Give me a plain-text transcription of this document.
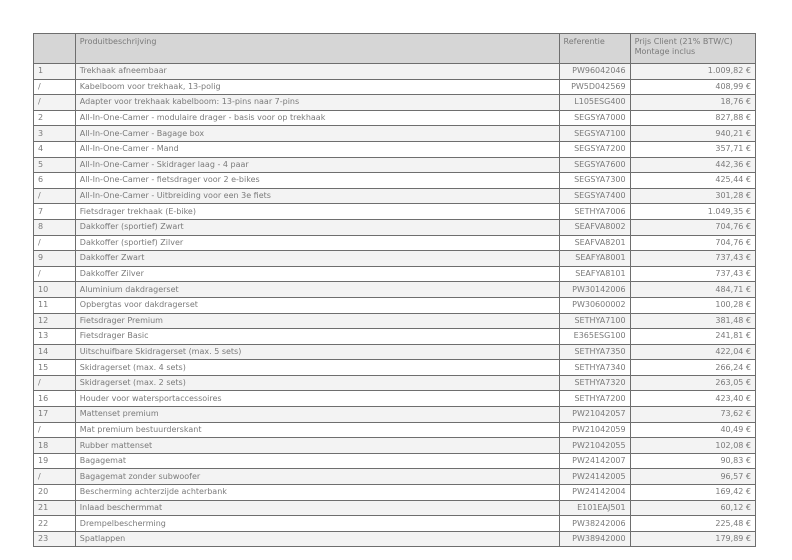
	Produitbeschrijving	Referentie	Prijs Client (21% BTW/C)
Montage inclus

1	Trekhaak afneembaar	PW96042046	1.009,82 €
/	Kabelboom voor trekhaak, 13-polig	PW5D042569	408,99 €
/	Adapter voor trekhaak kabelboom: 13-pins naar 7-pins	L105ESG400	18,76 €
2	All-In-One-Camer - modulaire drager - basis voor op trekhaak	SEGSYA7000	827,88 €
3	All-In-One-Camer - Bagage box	SEGSYA7100	940,21 €
4	All-In-One-Camer - Mand	SEGSYA7200	357,71 €
5	All-In-One-Camer - Skidrager laag - 4 paar	SEGSYA7600	442,36 €
6	All-In-One-Camer - fietsdrager voor 2 e-bikes	SEGSYA7300	425,44 €
/	All-In-One-Camer - Uitbreiding voor een 3e fiets	SEGSYA7400	301,28 €
7	Fietsdrager trekhaak (E-bike)	SETHYA7006	1.049,35 €
8	Dakkoffer (sportief) Zwart	SEAFVA8002	704,76 €
/	Dakkoffer (sportief) Zilver	SEAFVA8201	704,76 €
9	Dakkoffer Zwart	SEAFYA8001	737,43 €
/	Dakkoffer Zilver	SEAFYA8101	737,43 €
10	Aluminium dakdragerset	PW30142006	484,71 €
11	Opbergtas voor dakdragerset	PW30600002	100,28 €
12	Fietsdrager Premium	SETHYA7100	381,48 €
13	Fietsdrager Basic	E365ESG100	241,81 €
14	Uitschuifbare Skidragerset (max. 5 sets)	SETHYA7350	422,04 €
15	Skidragerset (max. 4 sets)	SETHYA7340	266,24 €
/	Skidragerset (max. 2 sets)	SETHYA7320	263,05 €
16	Houder voor watersportaccessoires	SETHYA7200	423,40 €
17	Mattenset premium	PW21042057	73,62 €
/	Mat premium bestuurderskant	PW21042059	40,49 €
18	Rubber mattenset	PW21042055	102,08 €
19	Bagagemat	PW24142007	90,83 €
/	Bagagemat zonder subwoofer	PW24142005	96,57 €
20	Bescherming achterzijde achterbank	PW24142004	169,42 €
21	Inlaad beschermmat	E101EAJ501	60,12 €
22	Drempelbescherming	PW38242006	225,48 €
23	Spatlappen	PW38942000	179,89 €
